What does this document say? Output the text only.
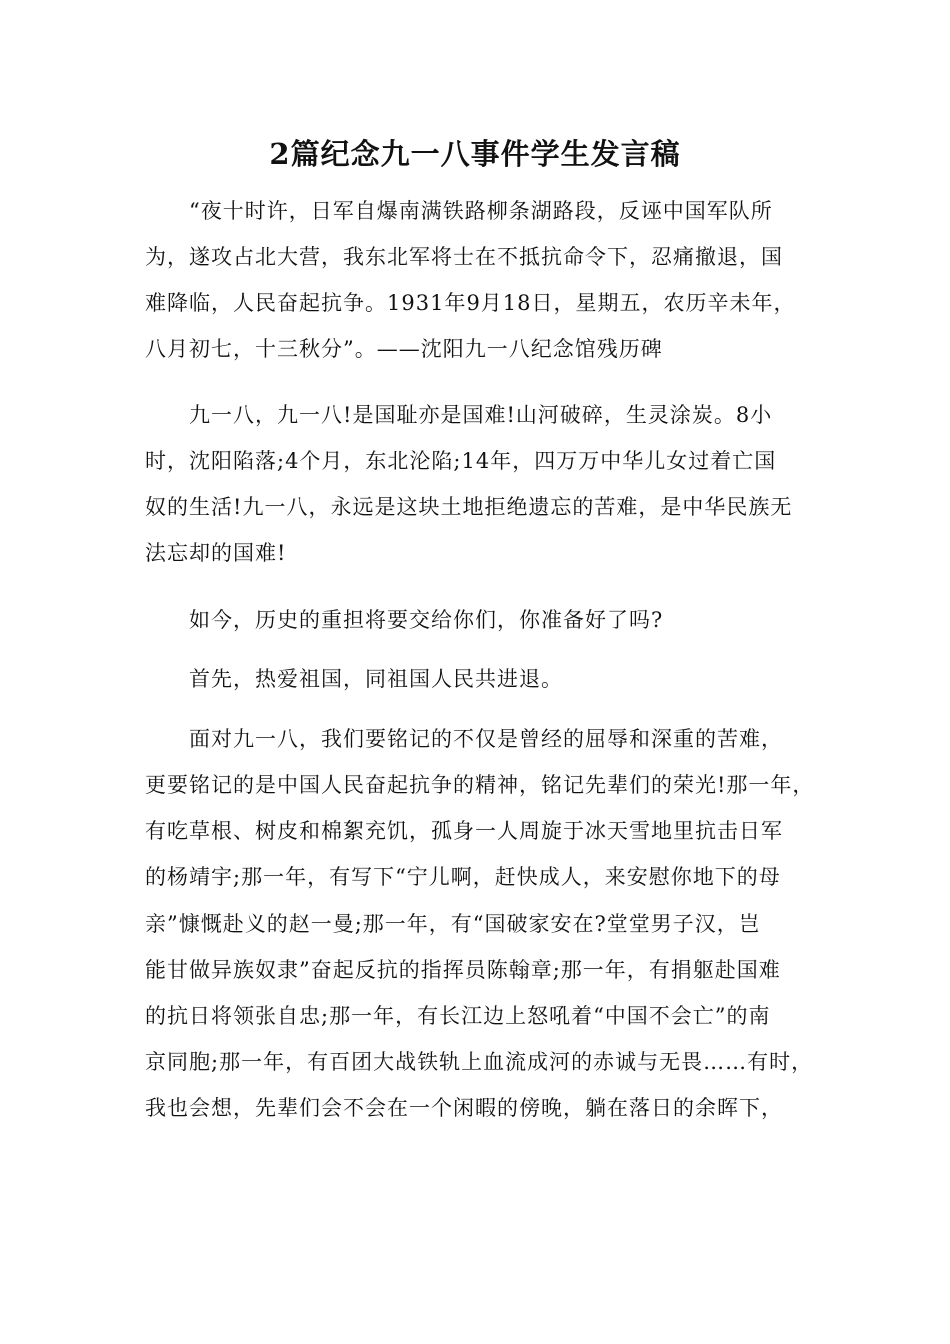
2篇纪念九一八事件学生发言稿

“夜十时许，日军自爆南满铁路柳条湖路段，反诬中国军队所

为，遂攻占北大营，我东北军将士在不抵抗命令下，忍痛撤退，国

难降临，人民奋起抗争。1931年9月18日，星期五，农历辛未年，

八月初七，十三秋分”。——沈阳九一八纪念馆残历碑

九一八，九一八!是国耻亦是国难!山河破碎，生灵涂炭。8小

时，沈阳陷落;4个月，东北沦陷;14年，四万万中华儿女过着亡国

奴的生活!九一八，永远是这块土地拒绝遗忘的苦难，是中华民族无

法忘却的国难!

如今，历史的重担将要交给你们，你准备好了吗?

首先，热爱祖国，同祖国人民共进退。

面对九一八，我们要铭记的不仅是曾经的屈辱和深重的苦难，

更要铭记的是中国人民奋起抗争的精神，铭记先辈们的荣光!那一年，

有吃草根、树皮和棉絮充饥，孤身一人周旋于冰天雪地里抗击日军

的杨靖宇;那一年，有写下“宁儿啊，赶快成人，来安慰你地下的母

亲”慷慨赴义的赵一曼;那一年，有“国破家安在?堂堂男子汉，岂

能甘做异族奴隶”奋起反抗的指挥员陈翰章;那一年，有捐躯赴国难

的抗日将领张自忠;那一年，有长江边上怒吼着“中国不会亡”的南

京同胞;那一年，有百团大战铁轨上血流成河的赤诚与无畏……有时，

我也会想，先辈们会不会在一个闲暇的傍晚，躺在落日的余晖下，
